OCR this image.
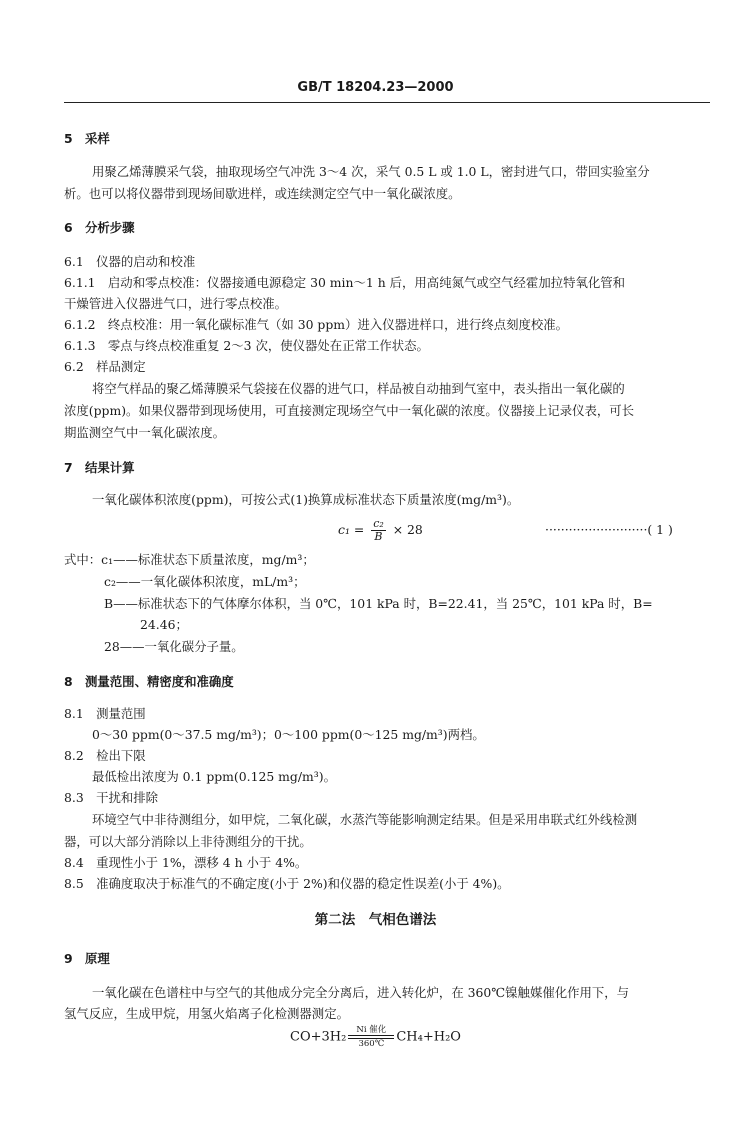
GB/T 18204.23—2000
5　采样
用聚乙烯薄膜采气袋，抽取现场空气冲洗 3～4 次，采气 0.5 L 或 1.0 L，密封进气口，带回实验室分
析。也可以将仪器带到现场间歇进样，或连续测定空气中一氧化碳浓度。
6　分析步骤
6.1　仪器的启动和校准
6.1.1　启动和零点校准：仪器接通电源稳定 30 min～1 h 后，用高纯氮气或空气经霍加拉特氧化管和
干燥管进入仪器进气口，进行零点校准。
6.1.2　终点校准：用一氧化碳标准气（如 30 ppm）进入仪器进样口，进行终点刻度校准。
6.1.3　零点与终点校准重复 2～3 次，使仪器处在正常工作状态。
6.2　样品测定
将空气样品的聚乙烯薄膜采气袋接在仪器的进气口，样品被自动抽到气室中，表头指出一氧化碳的
浓度(ppm)。如果仪器带到现场使用，可直接测定现场空气中一氧化碳的浓度。仪器接上记录仪表，可长
期监测空气中一氧化碳浓度。
7　结果计算
一氧化碳体积浓度(ppm)，可按公式(1)换算成标准状态下质量浓度(mg/m³)。
$c_1 = \frac{\text{c₂}}{B} \times 28$	··························( 1 )
式中：c₁——标准状态下质量浓度，mg/m³；
c₂——一氧化碳体积浓度，mL/m³；
B——标准状态下的气体摩尔体积，当 0℃，101 kPa 时，B=22.41，当 25℃，101 kPa 时，B=
24.46；
28——一氧化碳分子量。
8　测量范围、精密度和准确度
8.1　测量范围
0～30 ppm(0～37.5 mg/m³)；0～100 ppm(0～125 mg/m³)两档。
8.2　检出下限
最低检出浓度为 0.1 ppm(0.125 mg/m³)。
8.3　干扰和排除
环境空气中非待测组分，如甲烷，二氧化碳，水蒸汽等能影响测定结果。但是采用串联式红外线检测
器，可以大部分消除以上非待测组分的干扰。
8.4　重现性小于 1%，漂移 4 h 小于 4%。
8.5　准确度取决于标准气的不确定度(小于 2%)和仪器的稳定性误差(小于 4%)。
第二法　气相色谱法
9　原理
一氧化碳在色谱柱中与空气的其他成分完全分离后，进入转化炉，在 360℃镍触媒催化作用下，与
氢气反应，生成甲烷，用氢火焰离子化检测器测定。
CO+3H₂	Ni 催化
360℃ CH₄+H₂O
